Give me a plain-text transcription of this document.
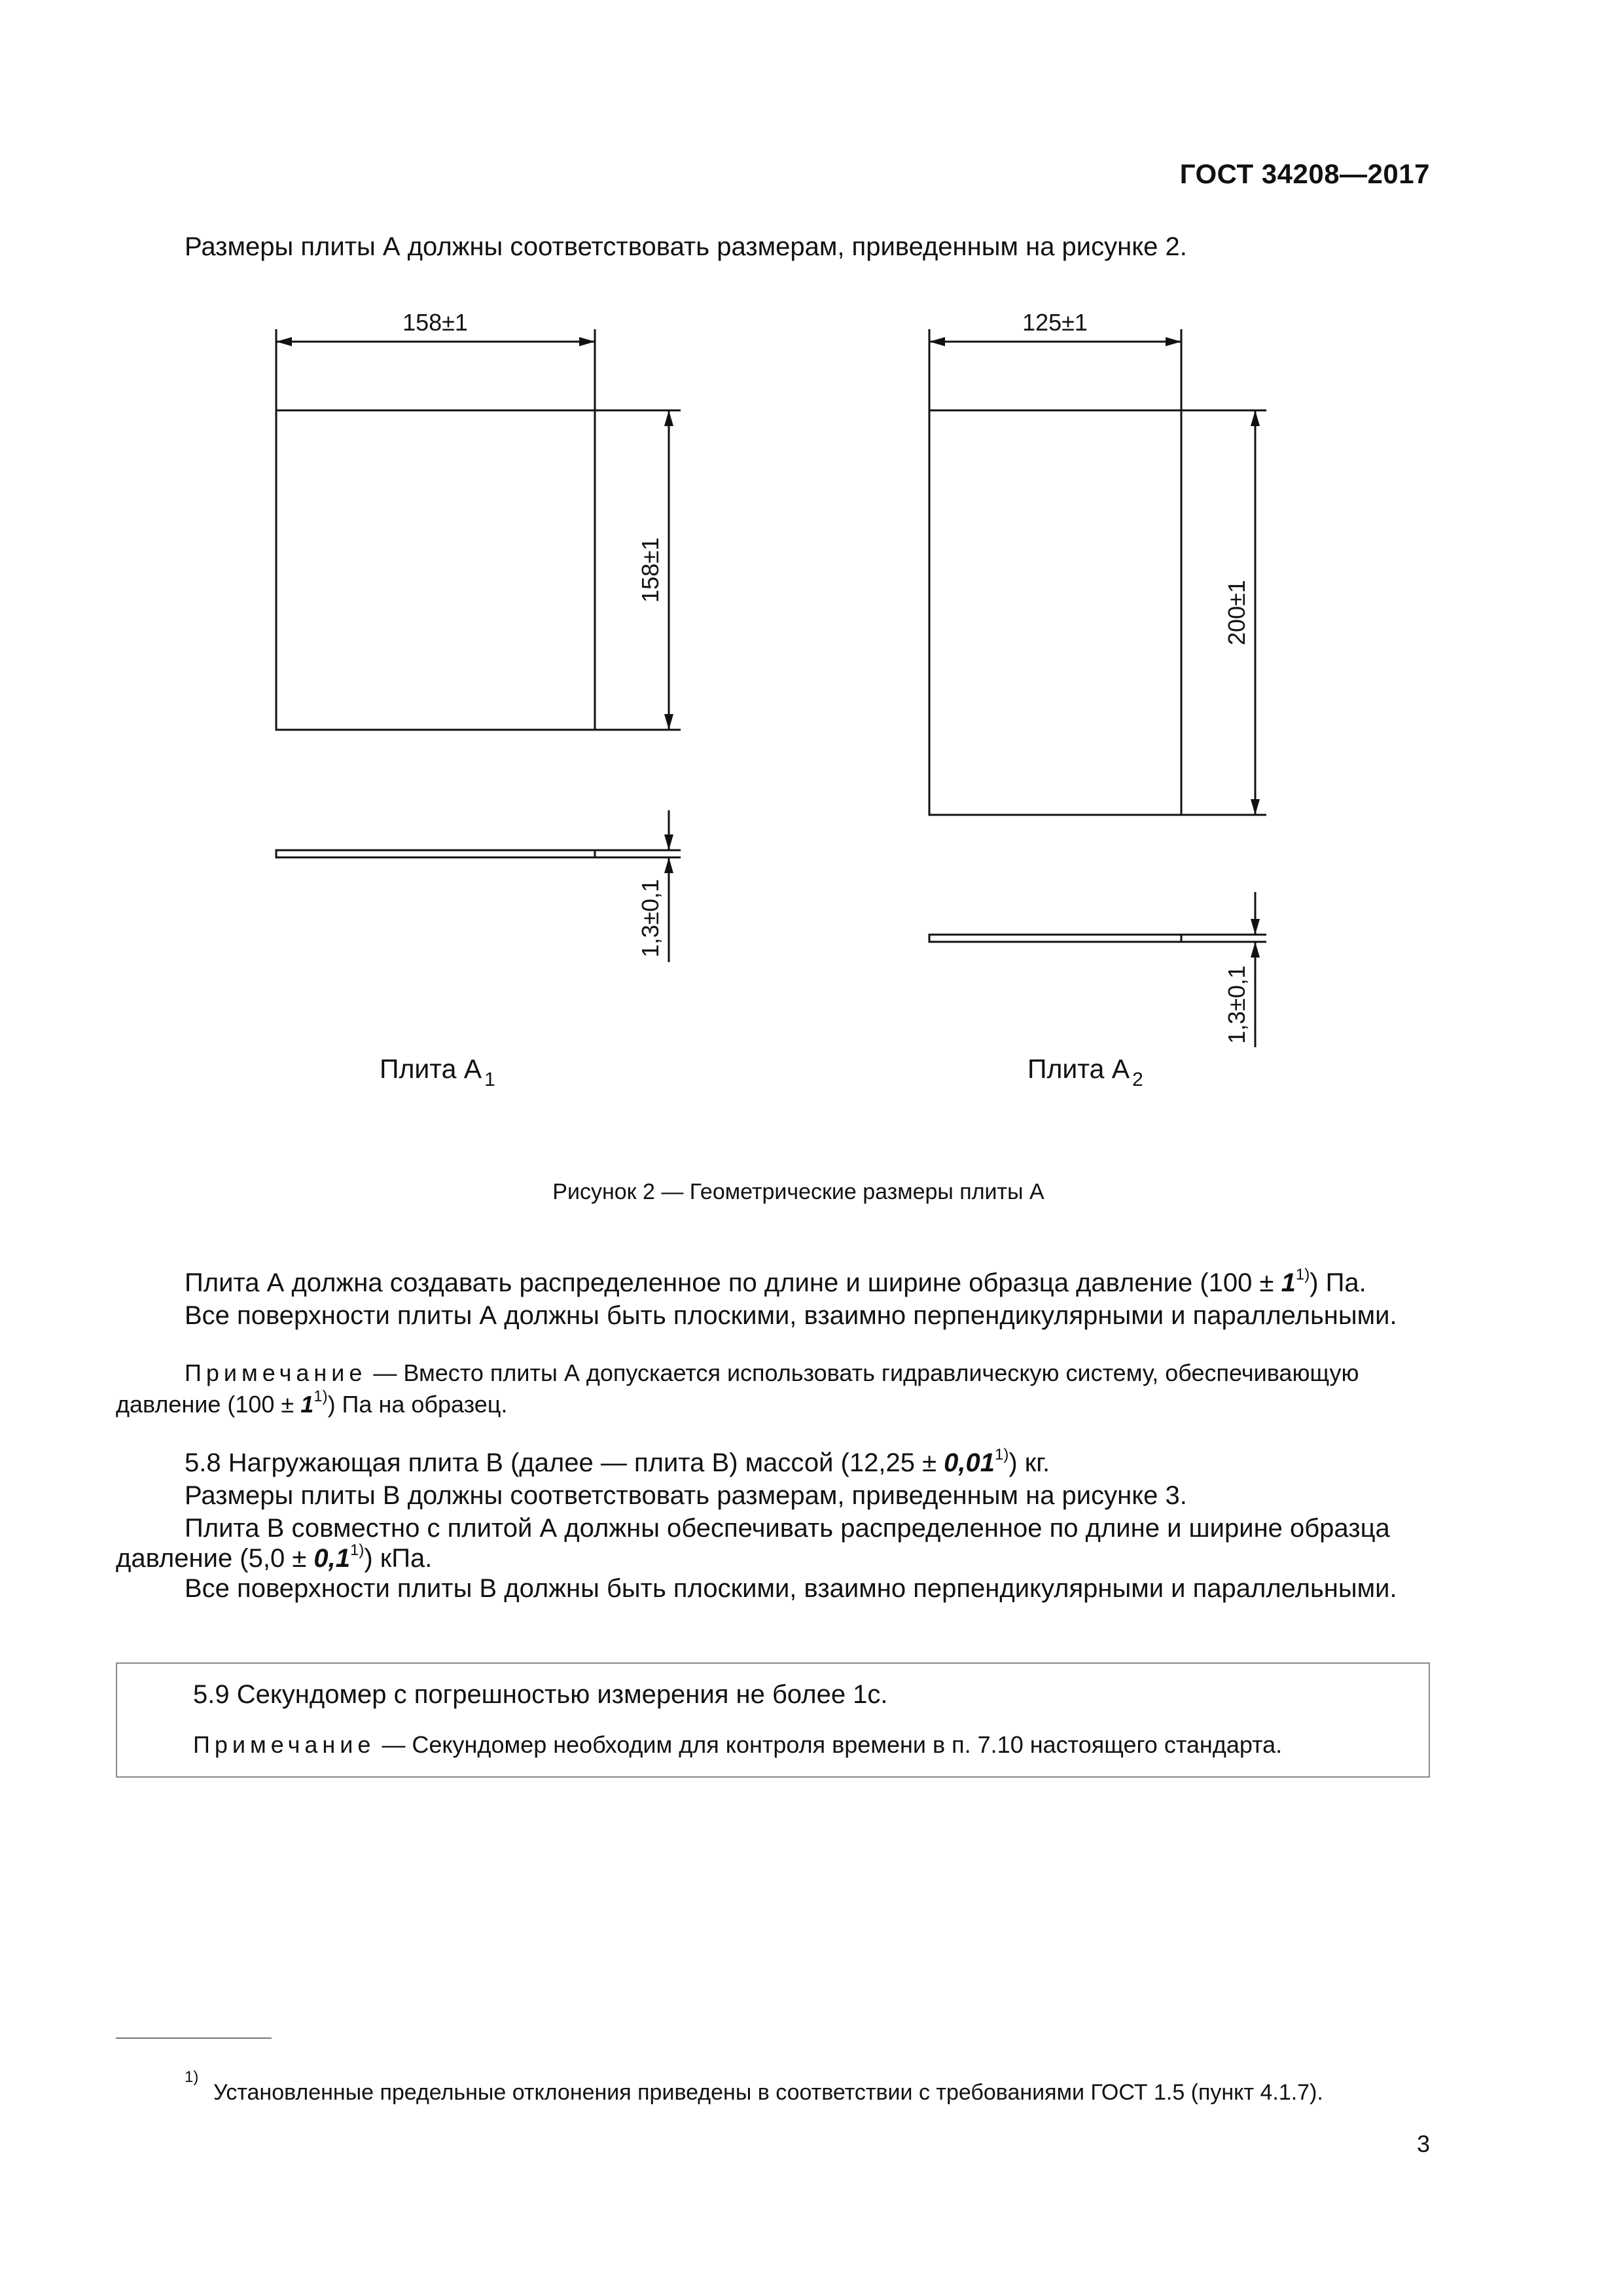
ГОСТ 34208—2017
Размеры плиты А должны соответствовать размерам, приведенным на рисунке 2.
158±1
158±1
1,3±0,1
125±1
200±1
1,3±0,1
Плита А $_1$	Плита А $_2$
Рисунок 2 — Геометрические размеры плиты А
Плита А должна создавать распределенное по длине и ширине образца давление $(100 \pm 1^{1)})$ Па.
Все поверхности плиты А должны быть плоскими, взаимно перпендикулярными и параллельными.
Примечание — Вместо плиты А допускается использовать гидравлическую систему, обеспечивающую
давление $(100 \pm 1^{1)})$ Па на образец.
5.8 Нагружающая плита В (далее — плита В) массой $(12,25 \pm 0,01^{1)})$ кг.
Размеры плиты В должны соответствовать размерам, приведенным на рисунке 3.
Плита В совместно с плитой А должны обеспечивать распределенное по длине и ширине образца
давление $(5,0 \pm 0,1^{1)})$ кПа.
Все поверхности плиты В должны быть плоскими, взаимно перпендикулярными и параллельными.
5.9 Секундомер с погрешностью измерения не более 1с.
Примечание — Секундомер необходим для контроля времени в п. 7.10 настоящего стандарта.
1)
Установленные предельные отклонения приведены в соответствии с требованиями ГОСТ 1.5 (пункт 4.1.7).
3
